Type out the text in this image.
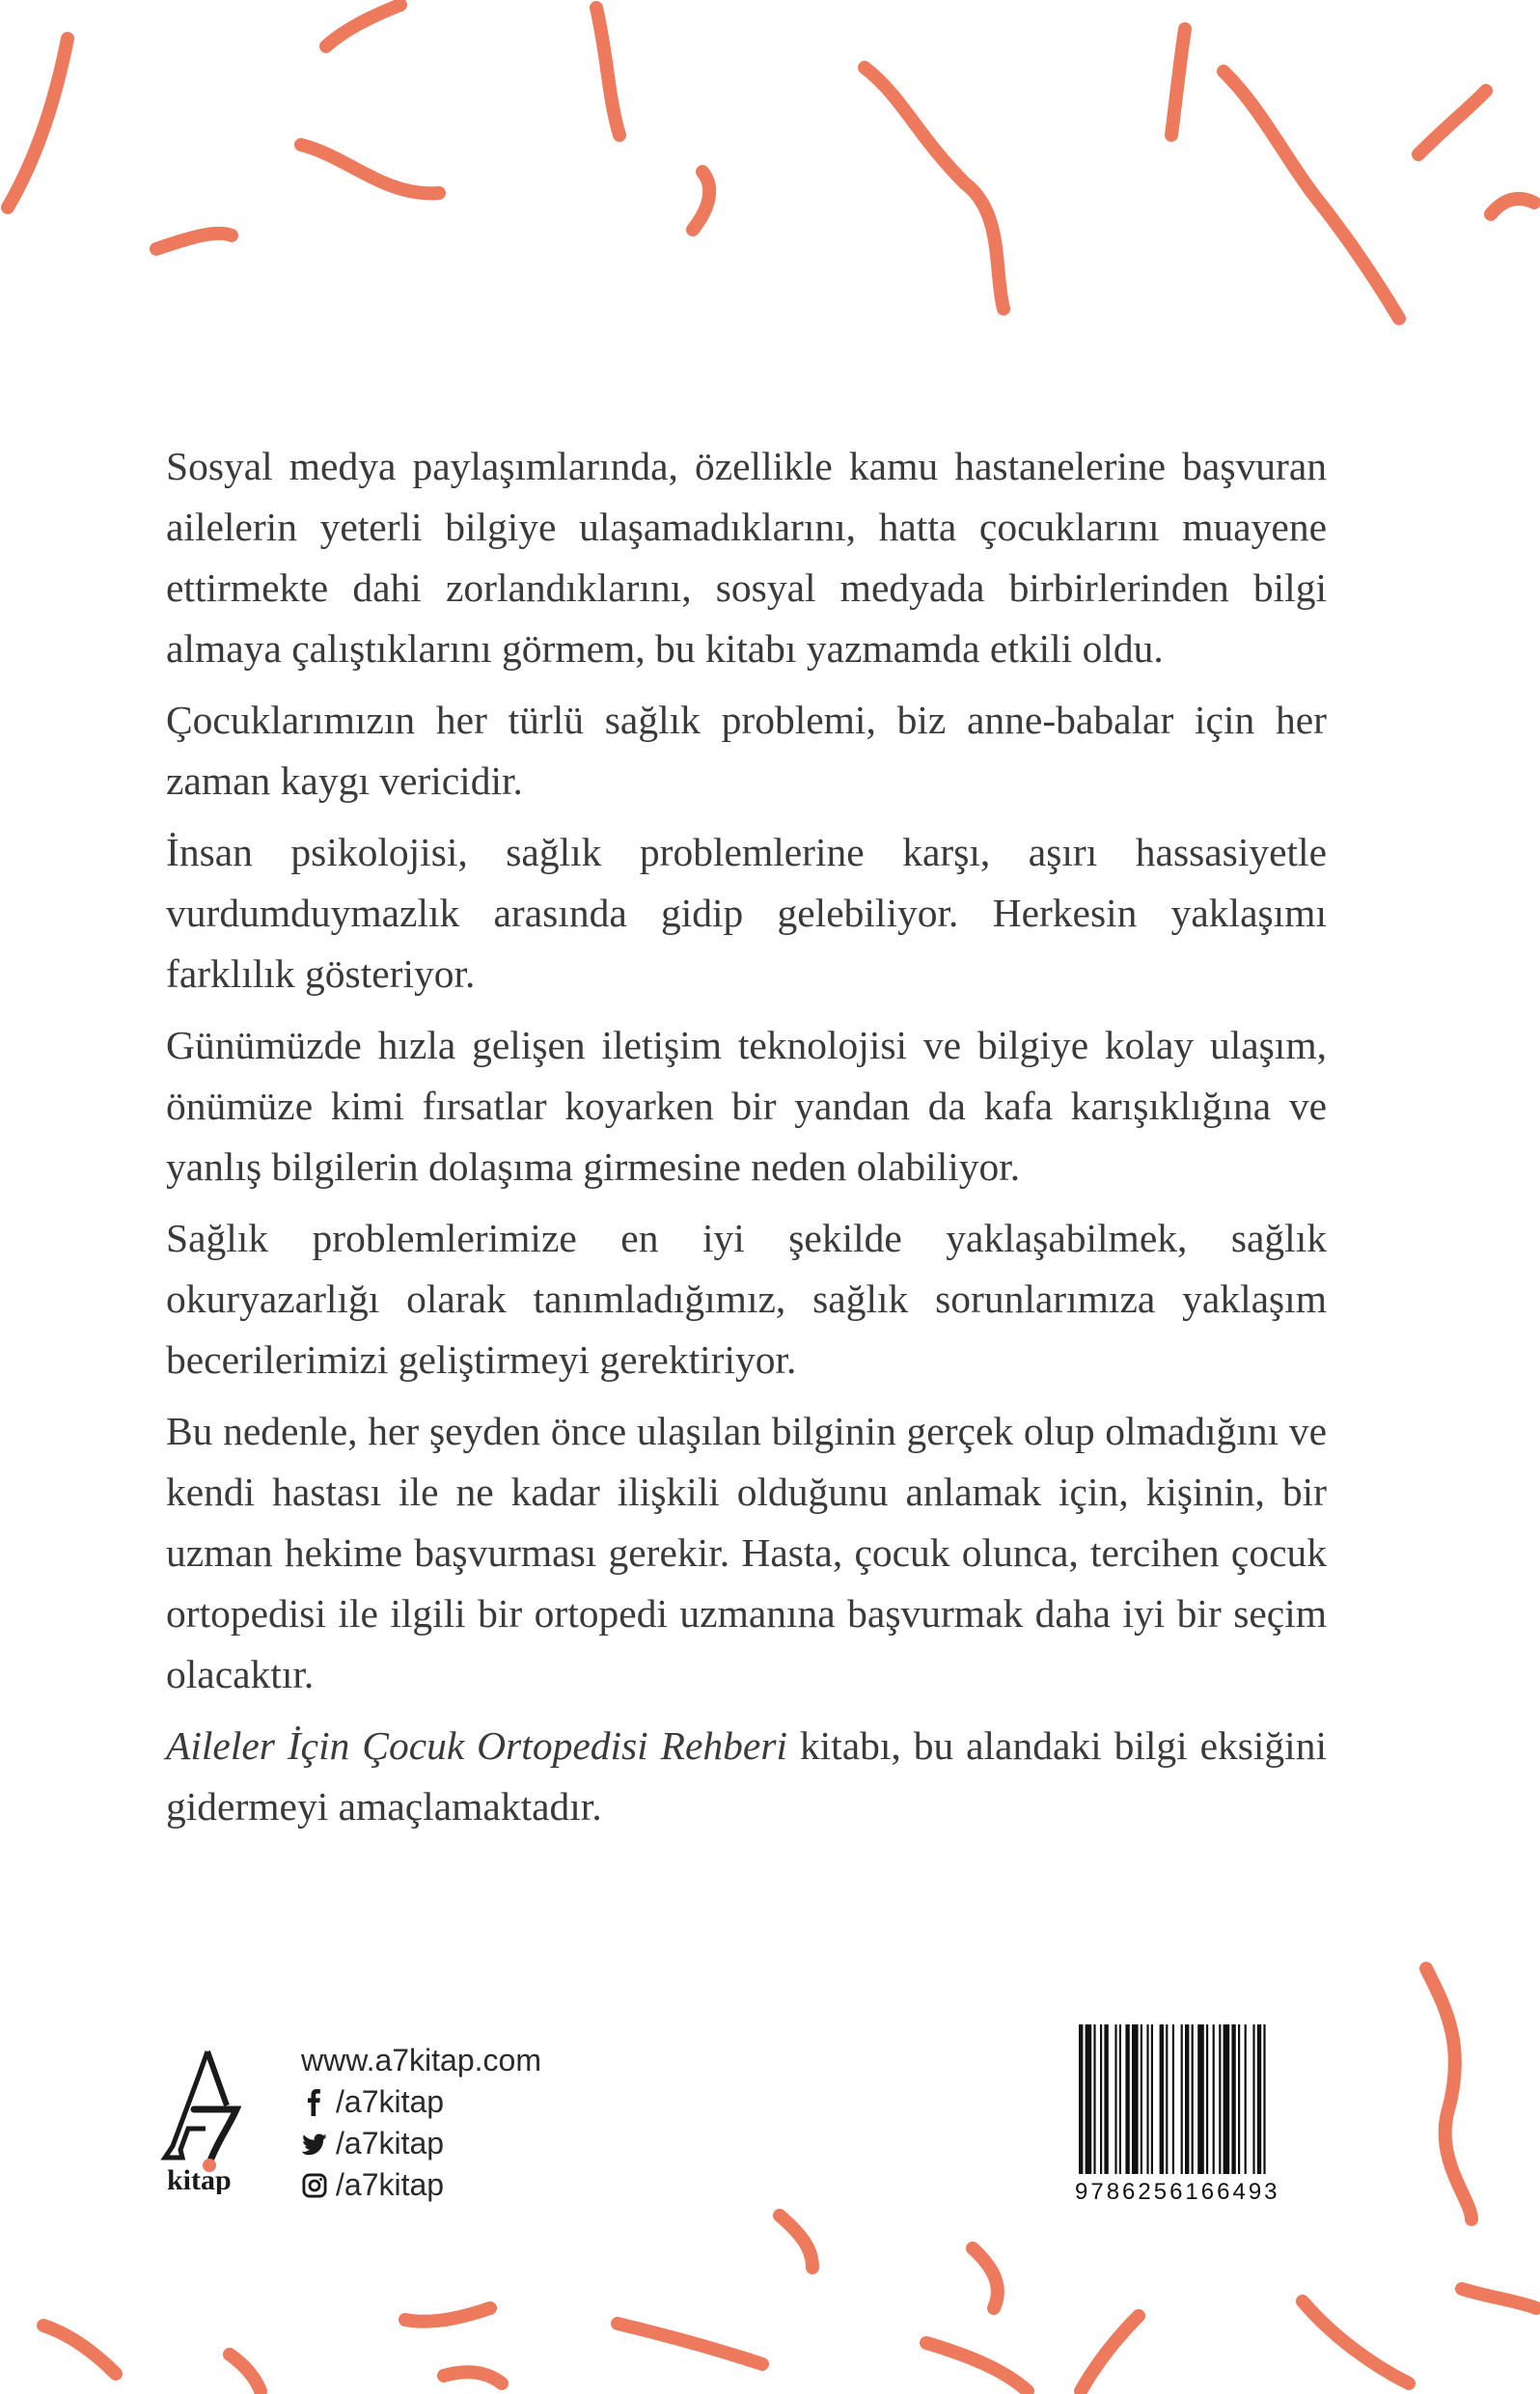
Sosyal medya paylaşımlarında, özellikle kamu hastanelerine başvuran ailelerin yeterli bilgiye ulaşamadıklarını, hatta çocuklarını muayene ettirmekte dahi zorlandıklarını, sosyal medyada birbirlerinden bilgi almaya çalıştıklarını görmem, bu kitabı yazmamda etkili oldu.

Çocuklarımızın her türlü sağlık problemi, biz anne-babalar için her zaman kaygı vericidir.

İnsan psikolojisi, sağlık problemlerine karşı, aşırı hassasiyetle vurdumduymazlık arasında gidip gelebiliyor. Herkesin yaklaşımı farklılık gösteriyor.

Günümüzde hızla gelişen iletişim teknolojisi ve bilgiye kolay ulaşım, önümüze kimi fırsatlar koyarken bir yandan da kafa karışıklığına ve yanlış bilgilerin dolaşıma girmesine neden olabiliyor.

Sağlık problemlerimize en iyi şekilde yaklaşabilmek, sağlık okuryazarlığı olarak tanımladığımız, sağlık sorunlarımıza yaklaşım becerilerimizi geliştirmeyi gerektiriyor.

Bu nedenle, her şeyden önce ulaşılan bilginin gerçek olup olmadığını ve kendi hastası ile ne kadar ilişkili olduğunu anlamak için, kişinin, bir uzman hekime başvurması gerekir. Hasta, çocuk olunca, tercihen çocuk ortopedisi ile ilgili bir ortopedi uzmanına başvurmak daha iyi bir seçim olacaktır.

Aileler İçin Çocuk Ortopedisi Rehberi kitabı, bu alandaki bilgi eksiğini gidermeyi amaçlamaktadır.

kitap
www.a7kitap.com
/a7kitap
/a7kitap
/a7kitap	9786256166493
